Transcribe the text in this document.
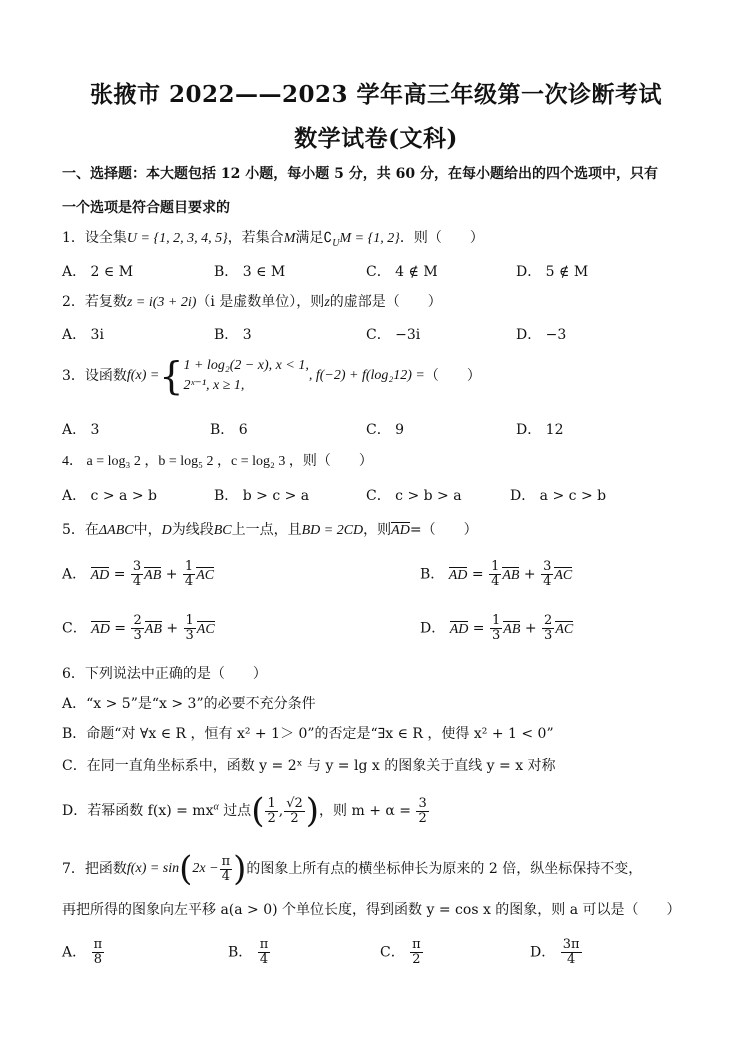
张掖市 2022——2023 学年高三年级第一次诊断考试
数学试卷(文科)
一、选择题：本大题包括 12 小题，每小题 5 分，共 60 分，在每小题给出的四个选项中，只有
一个选项是符合题目要求的
1．设全集U = {1, 2, 3, 4, 5}，若集合M满足$∁_UM = \{1$, 2}．则（　　）
A． 2 ∈ M	B． 3 ∈ M	C． 4 ∉ M	D． 5 ∉ M
2．若复数z = i(3 + 2i)（i 是虚数单位），则z的虚部是（　　）
A． 3i	B． 3	C． −3i	D． −3
3．设函数f(x) ={ 1 + log₂(2 − x), x < 1,
2ˣ⁻¹, x ≥ 1,
, f(−2) + f(log₂12) =（　　）
A． 3	B． 6	C． 9	D． 12
4． a = log₃ 2 ，b = log₅ 2 ，c = log₂ 3 ，则（　　）
A． c > a > b	B． b > c > a	C． c > b > a	D． a > c > b
5．在ΔABC中，D为线段BC上一点，且BD = 2CD，则AD=（　　）
A． AD = $\frac{3}{4}$ AB + $\frac{1}{4}$ AC	B． AD = $\frac{1}{4}$ AB + $\frac{3}{4}$ AC
C． AD = $\frac{2}{3}$ AB + $\frac{1}{3}$ AC	D． AD = $\frac{1}{3}$ AB + $\frac{2}{3}$ AC
6．下列说法中正确的是（　　）
A．“x > 5”是“x > 3”的必要不充分条件
B．命题“对 ∀x ∈ R ，恒有 x² + 1＞ 0”的否定是“∃x ∈ R ，使得 x² + 1 < 0”
C．在同一直角坐标系中，函数 y = 2ˣ 与 y = lg x 的图象关于直线 y = x 对称
D．若幂函数 $f(x) = mx^\alpha$ 过点( $\frac{1}{2}$ , $\frac{√2}{2}$ )，则 $m + \alpha = \frac{3}{2}$
7．把函数$f(x) = \sin(2x - \frac{\pi}{4}$ )的图象上所有点的横坐标伸长为原来的 2 倍，纵坐标保持不变，
再把所得的图象向左平移 a(a > 0) 个单位长度，得到函数 y = cos x 的图象，则 a 可以是（　　）
A． $\frac{\pi}{8}$	B． $\frac{\pi}{4}$	C． $\frac{\pi}{2}$	D． $\frac{3\pi}{4}$
